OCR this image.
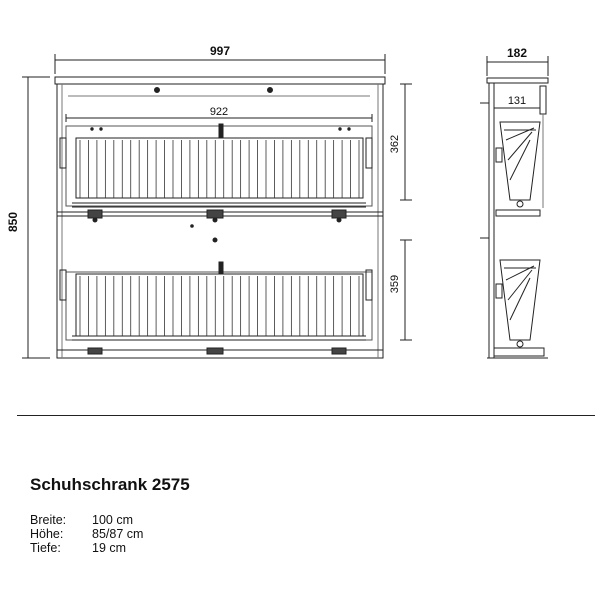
997
922
850
362
359
182
131
Schuhschrank 2575
Breite:	100 cm
Höhe:	85/87 cm
Tiefe:	19 cm
